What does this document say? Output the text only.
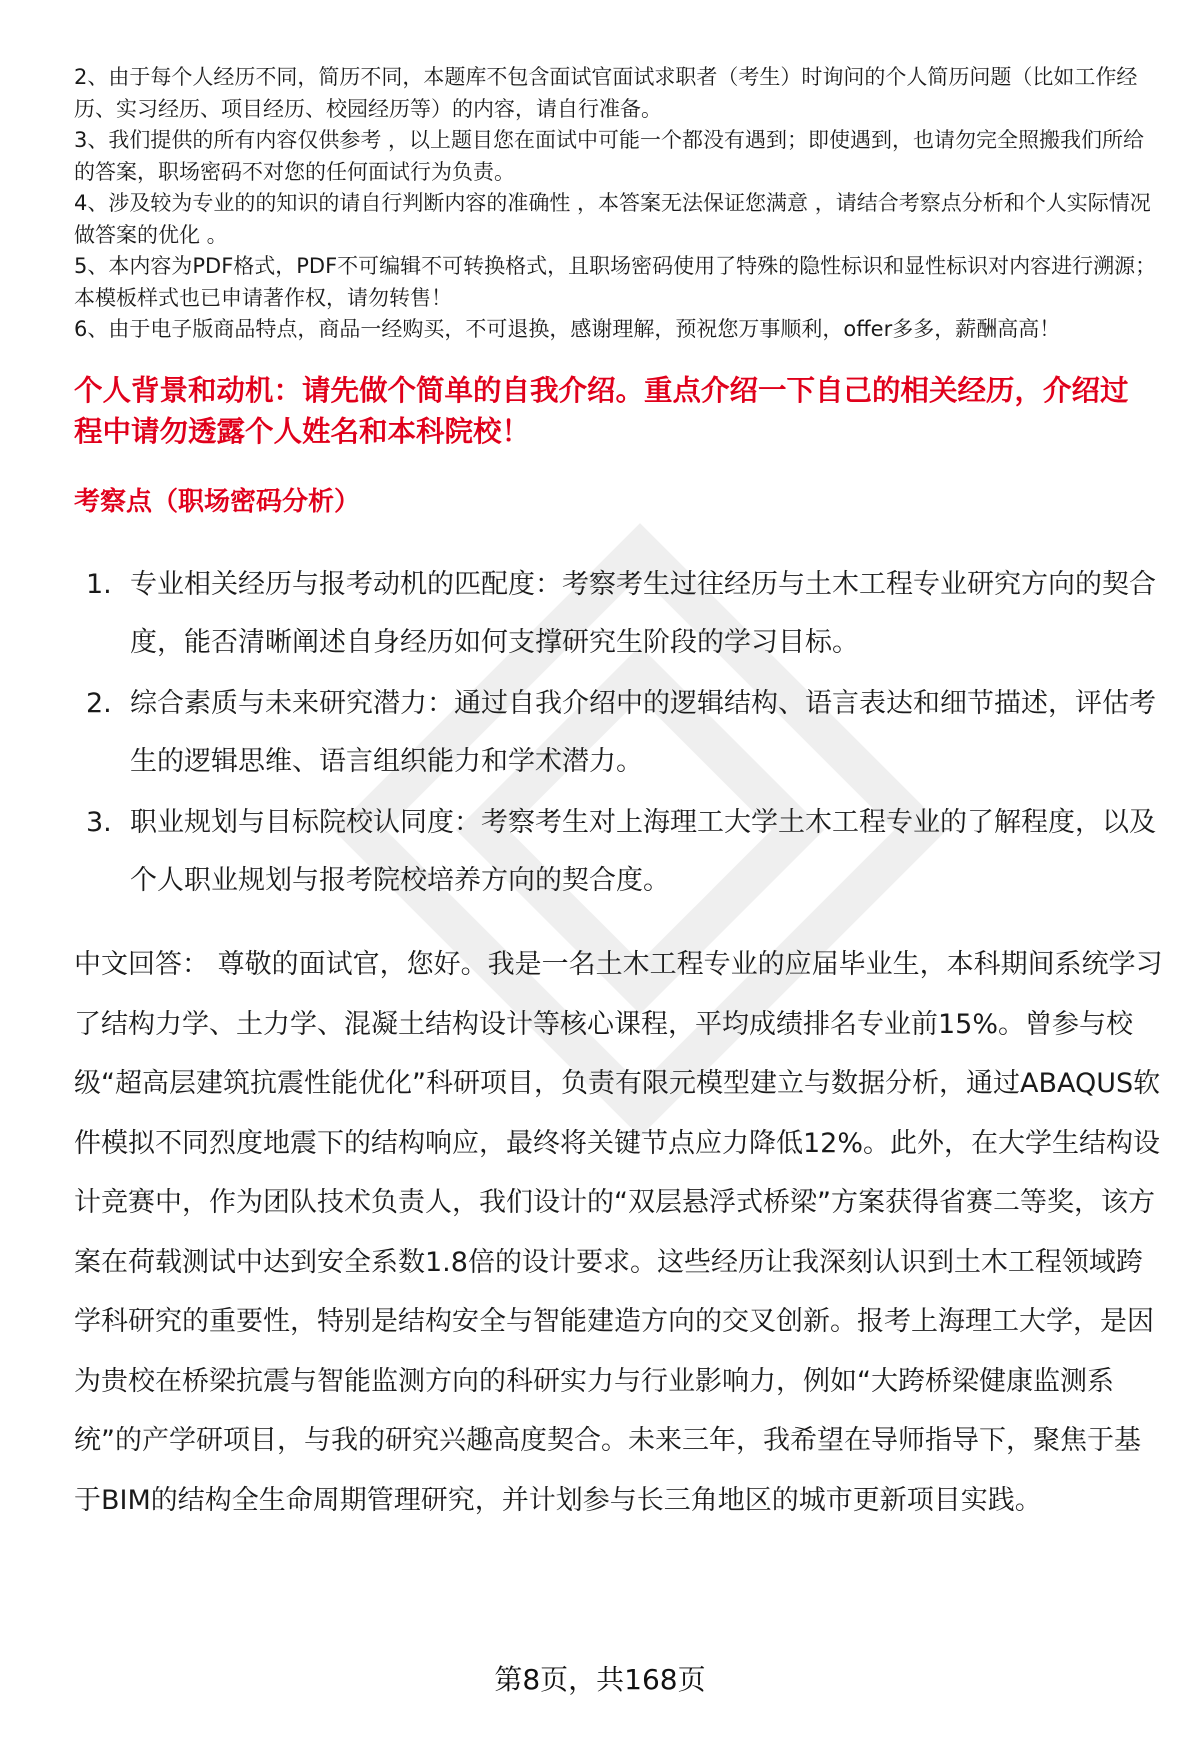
2、由于每个人经历不同，简历不同，本题库不包含面试官面试求职者（考生）时询问的个人简历问题（比如工作经历、实习经历、项目经历、校园经历等）的内容，请自行准备。

3、我们提供的所有内容仅供参考 ，以上题目您在面试中可能一个都没有遇到；即使遇到，也请勿完全照搬我们所给的答案，职场密码不对您的任何面试行为负责。

4、涉及较为专业的的知识的请自行判断内容的准确性 ，本答案无法保证您满意 ，请结合考察点分析和个人实际情况做答案的优化 。

5、本内容为PDF格式，PDF不可编辑不可转换格式，且职场密码使用了特殊的隐性标识和显性标识对内容进行溯源；本模板样式也已申请著作权，请勿转售！

6、由于电子版商品特点，商品一经购买，不可退换，感谢理解，预祝您万事顺利，offer多多，薪酬高高！

个人背景和动机：请先做个简单的自我介绍。重点介绍一下自己的相关经历，介绍过程中请勿透露个人姓名和本科院校！
考察点（职场密码分析）
1. 专业相关经历与报考动机的匹配度：考察考生过往经历与土木工程专业研究方向的契合度，能否清晰阐述自身经历如何支撑研究生阶段的学习目标。
2. 综合素质与未来研究潜力：通过自我介绍中的逻辑结构、语言表达和细节描述，评估考生的逻辑思维、语言组织能力和学术潜力。
3. 职业规划与目标院校认同度：考察考生对上海理工大学土木工程专业的了解程度，以及个人职业规划与报考院校培养方向的契合度。

中文回答： 尊敬的面试官，您好。我是一名土木工程专业的应届毕业生，本科期间系统学习了结构力学、土力学、混凝土结构设计等核心课程，平均成绩排名专业前15%。曾参与校级“超高层建筑抗震性能优化”科研项目，负责有限元模型建立与数据分析，通过ABAQUS软件模拟不同烈度地震下的结构响应，最终将关键节点应力降低12%。此外，在大学生结构设计竞赛中，作为团队技术负责人，我们设计的“双层悬浮式桥梁”方案获得省赛二等奖，该方案在荷载测试中达到安全系数1.8倍的设计要求。这些经历让我深刻认识到土木工程领域跨学科研究的重要性，特别是结构安全与智能建造方向的交叉创新。报考上海理工大学，是因为贵校在桥梁抗震与智能监测方向的科研实力与行业影响力，例如“大跨桥梁健康监测系统”的产学研项目，与我的研究兴趣高度契合。未来三年，我希望在导师指导下，聚焦于基于BIM的结构全生命周期管理研究，并计划参与长三角地区的城市更新项目实践。

第8页，共168页
